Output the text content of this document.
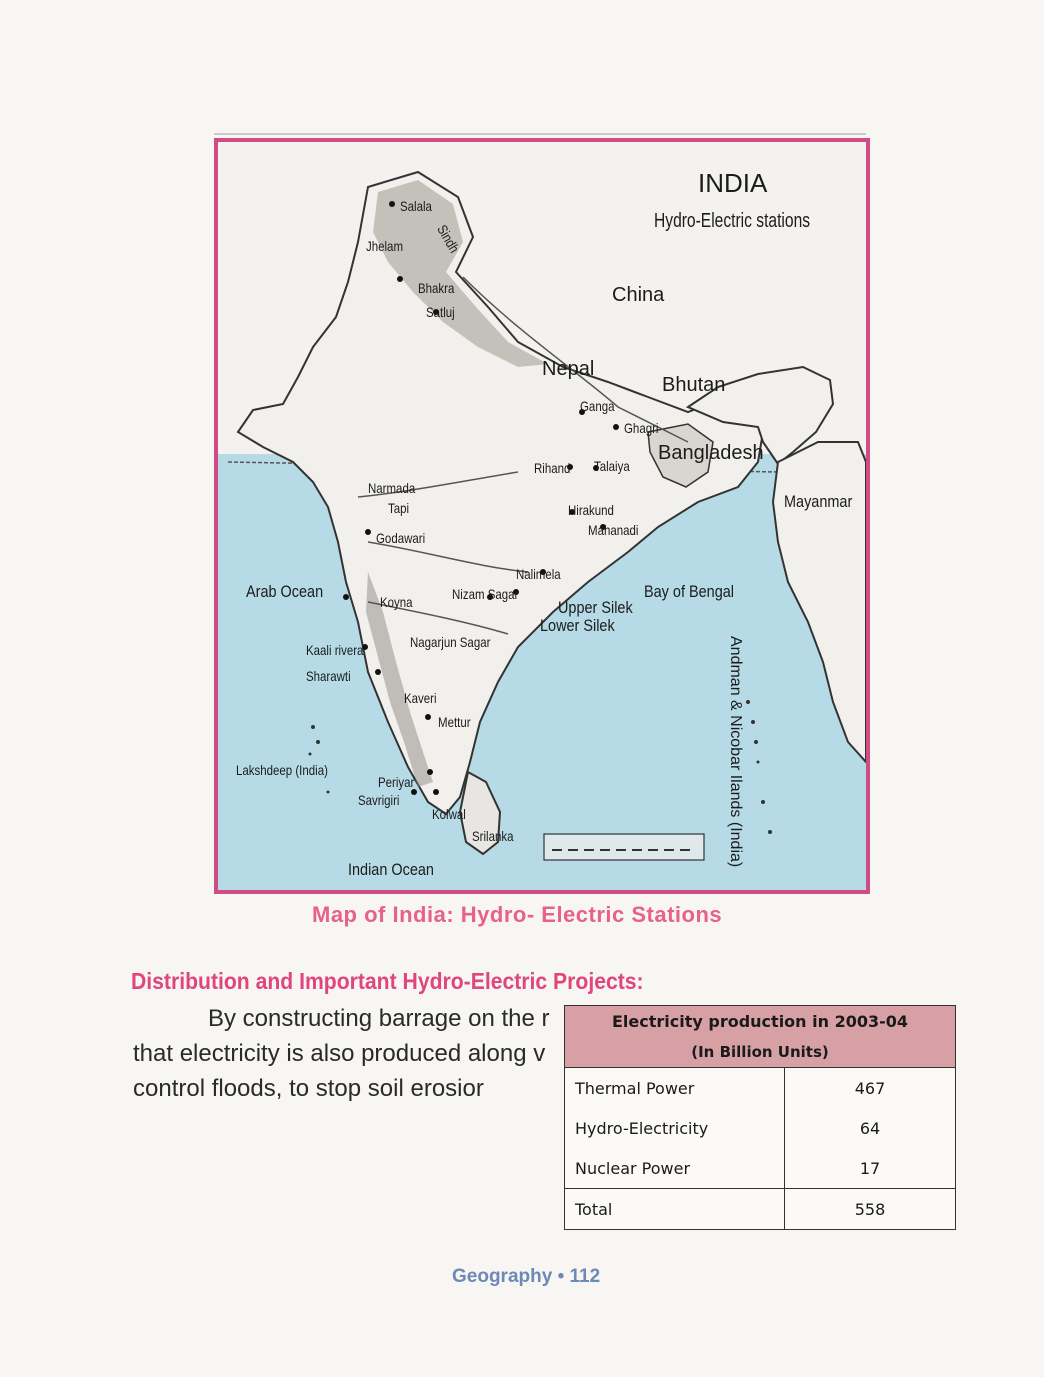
INDIA
Hydro-Electric stations
China
Nepal
Bhutan
Bangladesh
Mayanmar
Arab Ocean	Bay of Bengal
Indian Ocean
Srilanka
Lakshdeep (India)	Andman & Nicobar Ilands (India)
Salala
Jhelam Sindh
Bhakra
Satluj
Ganga
Ghagri
Rihand Talaiya
Narmada
Tapi	Hirakund
Mahanadi
Godawari
Nalimela
Koyna	Nizam Sagar
Upper Silek
Lower Silek
Nagarjun Sagar
Kaali rivera
Sharawti
Kaveri
Mettur
Periyar
Savrigiri
Kolwal
Map of India: Hydro- Electric Stations
Distribution and Important Hydro-Electric Projects:
By constructing barrage on the r
that electricity is also produced along v
control floods, to stop soil erosior
Electricity production in 2003-04	
(In Billion Units)	
Thermal Power	467
Hydro-Electricity	64
Nuclear Power	17
Total	558
Geography • 112
